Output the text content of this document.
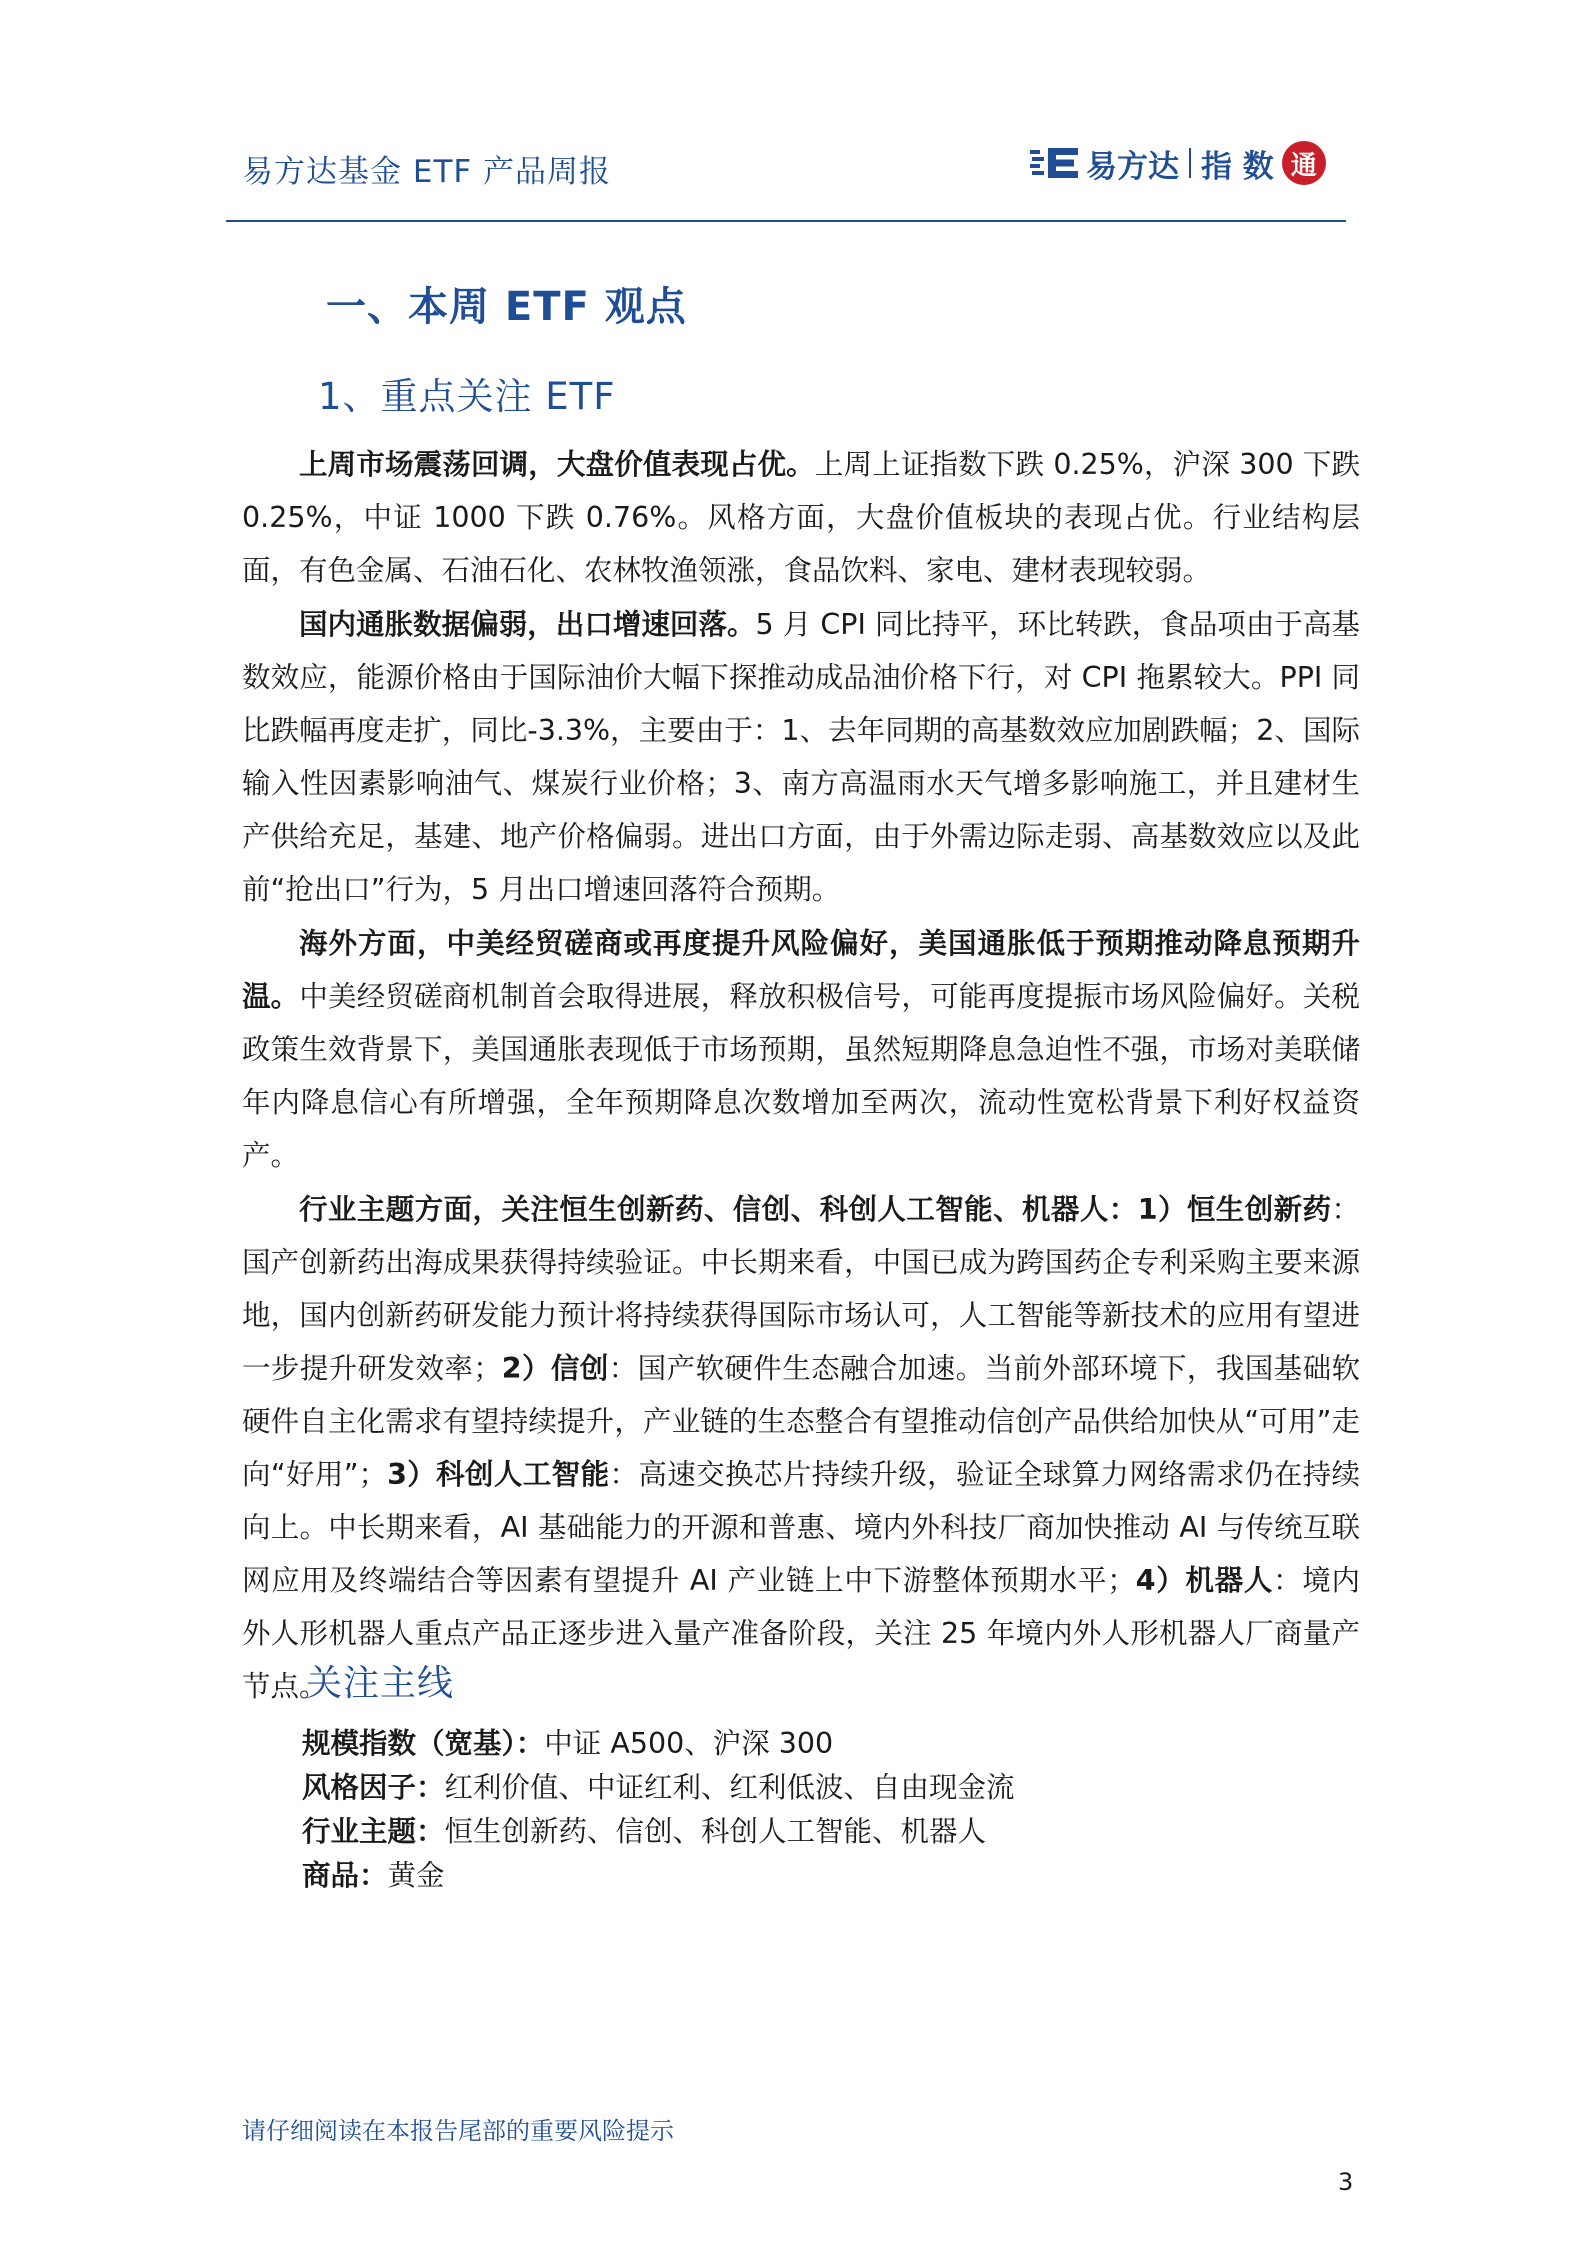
易方达基金 ETF 产品周报	易方达 指 数 通
一、本周 ETF 观点
1、重点关注 ETF

上周市场震荡回调，大盘价值表现占优。上周上证指数下跌 0.25%，沪深 300 下跌 0.25%，中证 1000 下跌 0.76%。风格方面，大盘价值板块的表现占优。行业结构层面，有色金属、石油石化、农林牧渔领涨，食品饮料、家电、建材表现较弱。

国内通胀数据偏弱，出口增速回落。5 月 CPI 同比持平，环比转跌，食品项由于高基数效应，能源价格由于国际油价大幅下探推动成品油价格下行，对 CPI 拖累较大。PPI 同比跌幅再度走扩，同比-3.3%，主要由于：1、去年同期的高基数效应加剧跌幅；2、国际输入性因素影响油气、煤炭行业价格；3、南方高温雨水天气增多影响施工，并且建材生产供给充足，基建、地产价格偏弱。进出口方面，由于外需边际走弱、高基数效应以及此前“抢出口”行为，5 月出口增速回落符合预期。

海外方面，中美经贸磋商或再度提升风险偏好，美国通胀低于预期推动降息预期升温。中美经贸磋商机制首会取得进展，释放积极信号，可能再度提振市场风险偏好。关税政策生效背景下，美国通胀表现低于市场预期，虽然短期降息急迫性不强，市场对美联储年内降息信心有所增强，全年预期降息次数增加至两次，流动性宽松背景下利好权益资产。

行业主题方面，关注恒生创新药、信创、科创人工智能、机器人：1）恒生创新药：国产创新药出海成果获得持续验证。中长期来看，中国已成为跨国药企专利采购主要来源地，国内创新药研发能力预计将持续获得国际市场认可，人工智能等新技术的应用有望进一步提升研发效率；2）信创：国产软硬件生态融合加速。当前外部环境下，我国基础软硬件自主化需求有望持续提升，产业链的生态整合有望推动信创产品供给加快从“可用”走向“好用”；3）科创人工智能：高速交换芯片持续升级，验证全球算力网络需求仍在持续向上。中长期来看，AI 基础能力的开源和普惠、境内外科技厂商加快推动 AI 与传统互联网应用及终端结合等因素有望提升 AI 产业链上中下游整体预期水平；4）机器人：境内外人形机器人重点产品正逐步进入量产准备阶段，关注 25 年境内外人形机器人厂商量产节点。

关注主线
规模指数（宽基）：中证 A500、沪深 300
风格因子：红利价值、中证红利、红利低波、自由现金流
行业主题：恒生创新药、信创、科创人工智能、机器人
商品：黄金
请仔细阅读在本报告尾部的重要风险提示
3
